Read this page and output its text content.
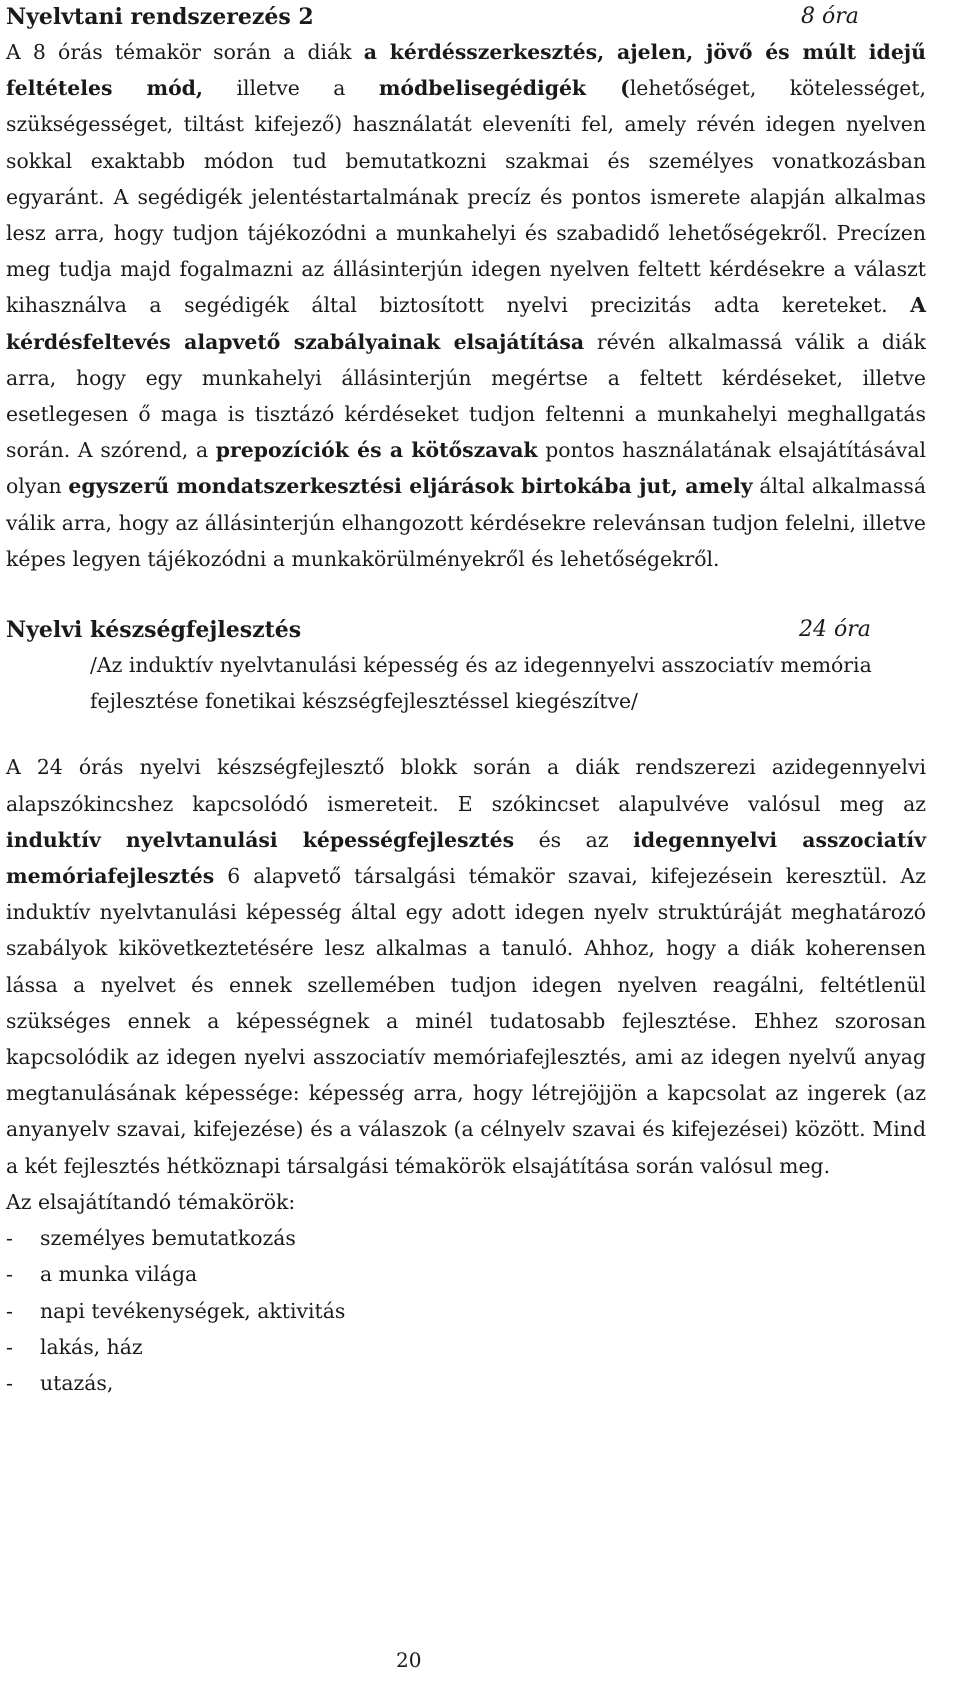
Nyelvtani rendszerezés 2	8 óra

A 8 órás témakör során a diák a kérdésszerkesztés, ajelen, jövő és múlt idejű feltételes mód, illetve a módbelisegédigék (lehetőséget, kötelességet, szükségességet, tiltást kifejező) használatát eleveníti fel, amely révén idegen nyelven sokkal exaktabb módon tud bemutatkozni szakmai és személyes vonatkozásban egyaránt. A segédigék jelentéstartalmának precíz és pontos ismerete alapján alkalmas lesz arra, hogy tudjon tájékozódni a munkahelyi és szabadidő lehetőségekről. Precízen meg tudja majd fogalmazni az állásinterjún idegen nyelven feltett kérdésekre a választ kihasználva a segédigék által biztosított nyelvi precizitás adta kereteket. A kérdésfeltevés alapvető szabályainak elsajátítása révén alkalmassá válik a diák arra, hogy egy munkahelyi állásinterjún megértse a feltett kérdéseket, illetve esetlegesen ő maga is tisztázó kérdéseket tudjon feltenni a munkahelyi meghallgatás során. A szórend, a prepozíciók és a kötőszavak pontos használatának elsajátításával olyan egyszerű mondatszerkesztési eljárások birtokába jut, amely által alkalmassá válik arra, hogy az állásinterjún elhangozott kérdésekre relevánsan tudjon felelni, illetve képes legyen tájékozódni a munkakörülményekről és lehetőségekről.

Nyelvi készségfejlesztés	24 óra

/Az induktív nyelvtanulási képesség és az idegennyelvi asszociatív memória fejlesztése fonetikai készségfejlesztéssel kiegészítve/

A 24 órás nyelvi készségfejlesztő blokk során a diák rendszerezi azidegennyelvi alapszókincshez kapcsolódó ismereteit. E szókincset alapulvéve valósul meg az induktív nyelvtanulási képességfejlesztés és az idegennyelvi asszociatív memóriafejlesztés 6 alapvető társalgási témakör szavai, kifejezésein keresztül. Az induktív nyelvtanulási képesség által egy adott idegen nyelv struktúráját meghatározó szabályok kikövetkeztetésére lesz alkalmas a tanuló. Ahhoz, hogy a diák koherensen lássa a nyelvet és ennek szellemében tudjon idegen nyelven reagálni, feltétlenül szükséges ennek a képességnek a minél tudatosabb fejlesztése. Ehhez szorosan kapcsolódik az idegen nyelvi asszociatív memóriafejlesztés, ami az idegen nyelvű anyag megtanulásának képessége: képesség arra, hogy létrejöjjön a kapcsolat az ingerek (az anyanyelv szavai, kifejezése) és a válaszok (a célnyelv szavai és kifejezései) között. Mind a két fejlesztés hétköznapi társalgási témakörök elsajátítása során valósul meg.

Az elsajátítandó témakörök:

- személyes bemutatkozás
- a munka világa
- napi tevékenységek, aktivitás
- lakás, ház
- utazás,
20
